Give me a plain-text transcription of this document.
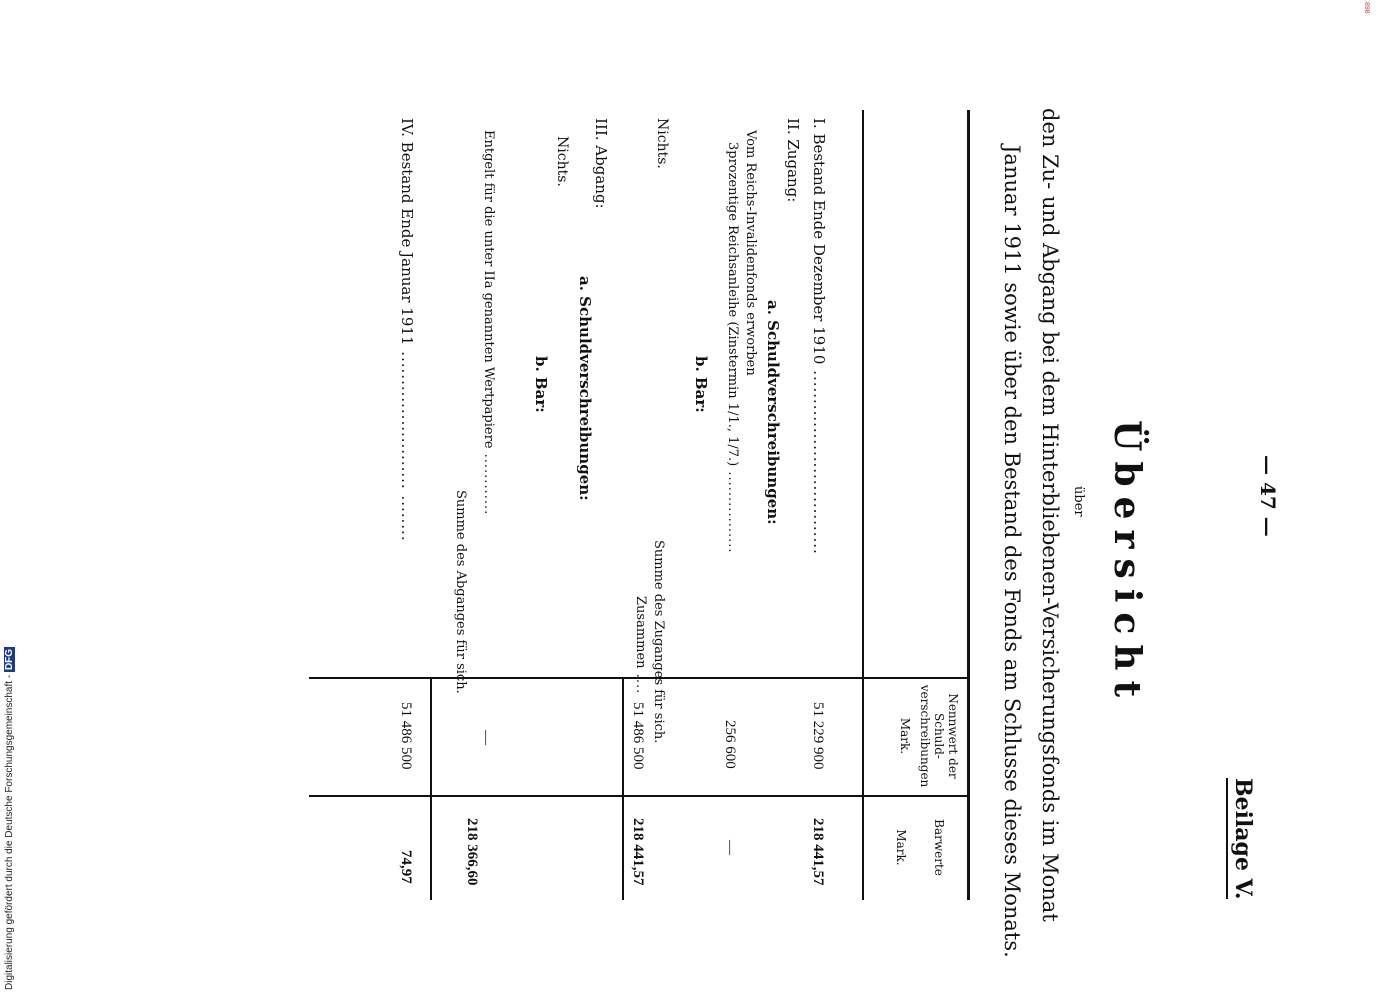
— 47 —
Beilage V.
Übersicht
über
den Zu- und Abgang bei dem Hinterbliebenen-Versicherungsfonds im Monat
Januar 1911 sowie über den Bestand des Fonds am Schlusse dieses Monats.
Nennwert der Schuld- verschreibungen
Mark.
Barwerte
Mark.
I. Bestand Ende Dezember 1910 ................................
51 229 900
218 441,57
II. Zugang:
a. Schuldverschreibungen:
Vom Reichs-Invalidenfonds erworben
3prozentige Reichsanleihe (Zinstermin 1/1., 1/7.) ................
256 600
—
b. Bar:
Nichts.
Summe des Zuganges für sich.
Zusammen ....
51 486 500
218 441,57
III. Abgang:
a. Schuldverschreibungen:
Nichts.
b. Bar:
Entgelt für die unter IIa genannten Wertpapiere ............
—
218 366,60
Summe des Abganges für sich.
IV. Bestand Ende Januar 1911 ........................ ........
51 486 500
74,97
Digitalisierung gefördert durch die Deutsche Forschungsgemeinschaft - DFG
898
